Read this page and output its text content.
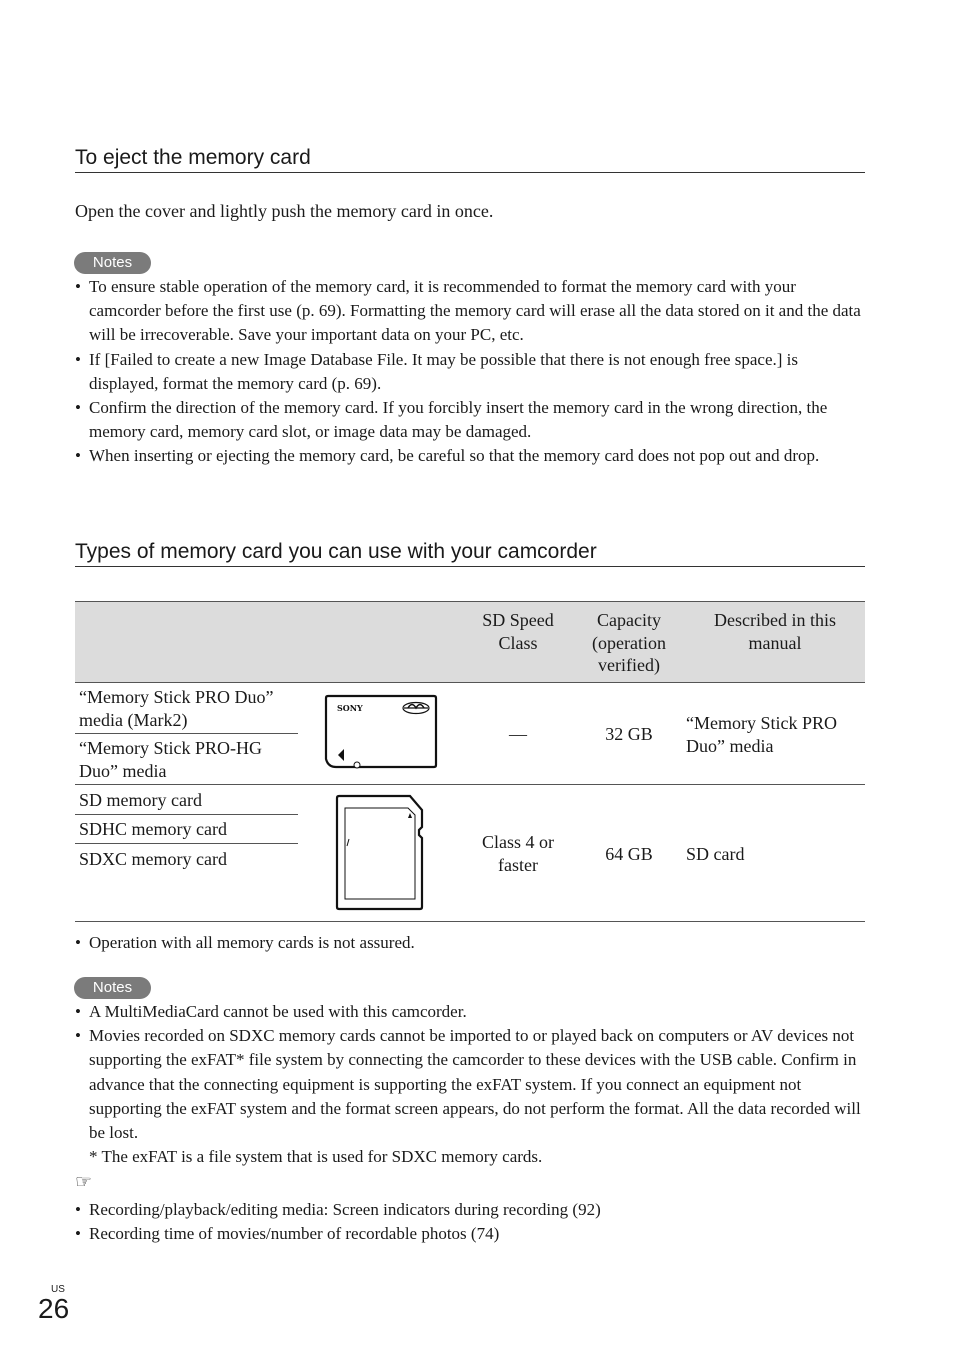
To eject the memory card
Open the cover and lightly push the memory card in once.
Notes
• To ensure stable operation of the memory card, it is recommended to format the memory card with your camcorder before the first use (p. 69). Formatting the memory card will erase all the data stored on it and the data will be irrecoverable. Save your important data on your PC, etc.
• If [Failed to create a new Image Database File. It may be possible that there is not enough free space.] is displayed, format the memory card (p. 69).
• Confirm the direction of the memory card. If you forcibly insert the memory card in the wrong direction, the memory card, memory card slot, or image data may be damaged.
• When inserting or ejecting the memory card, be careful so that the memory card does not pop out and drop.
Types of memory card you can use with your camcorder
SD Speed
Class
Capacity
(operation
verified)
Described in this
manual
“Memory Stick PRO Duo”
media (Mark2)
“Memory Stick PRO-HG
Duo” media
SONY
—	32 GB
“Memory Stick PRO
Duo” media
SD memory card
SDHC memory card
SDXC memory card
Class 4 or
faster
64 GB	SD card
• Operation with all memory cards is not assured.
Notes
• A MultiMediaCard cannot be used with this camcorder.
• Movies recorded on SDXC memory cards cannot be imported to or played back on computers or AV devices not supporting the exFAT* file system by connecting the camcorder to these devices with the USB cable. Confirm in advance that the connecting equipment is supporting the exFAT system. If you connect an equipment not supporting the exFAT system and the format screen appears, do not perform the format. All the data recorded will be lost.
* The exFAT is a file system that is used for SDXC memory cards.
☞
• Recording/playback/editing media: Screen indicators during recording (92)
• Recording time of movies/number of recordable photos (74)
US
26
